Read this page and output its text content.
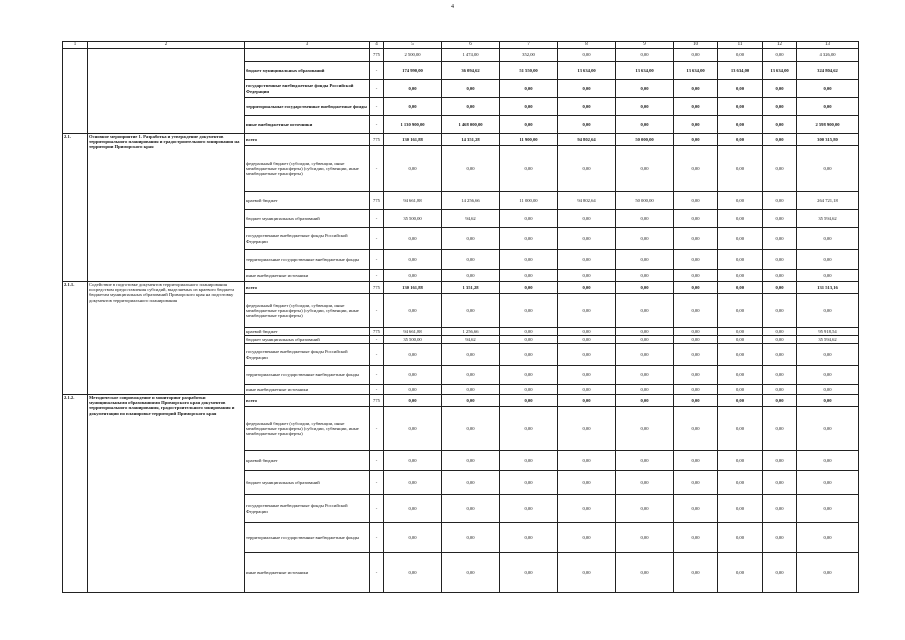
4
1	2	3	4	5	6	7	8	9	10	11	12	13
			775	2 500,00	1 474,00	352,00	0,00	0,00	0,00	0,00	0,00	4 326,00
		бюджет муниципальных образований	-	174 990,00	36 094,62	51 550,00	13 634,00	13 634,00	13 634,00	13 634,00	13 634,00	324 804,62
		государственные внебюджетные фонды Российской Федерации	-	0,00	0,00	0,00	0,00	0,00	0,00	0,00	0,00	0,00
		территориальные государственные внебюджетные фонды	-	0,00	0,00	0,00	0,00	0,00	0,00	0,00	0,00	0,00
		иные внебюджетные источники	-	1 130 900,00	1 468 000,00	0,00	0,00	0,00	0,00	0,00	0,00	2 598 900,00
2.1.	Основное мероприятие 1. Разработка и утверждение документов территориального планирования и градостроительного зонирования на территории Приморского края	всего	775	130 161,88	14 351,28	11 900,00	94 802,64	50 000,00	0,00	0,00	0,00	300 315,80
		федеральный бюджет (субсидии, субвенции, иные межбюджетные трансферты) (субсидии, субвенции, иные межбюджетные трансферты)	-	0,00	0,00	0,00	0,00	0,00	0,00	0,00	0,00	0,00
		краевой бюджет	775	94 661,88	14 256,66	11 000,00	94 802,64	50 000,00	0,00	0,00	0,00	264 721,18
		бюджет муниципальных образований	-	35 500,00	94,62	0,00	0,00	0,00	0,00	0,00	0,00	35 594,62
		государственные внебюджетные фонды Российской Федерации	-	0,00	0,00	0,00	0,00	0,00	0,00	0,00	0,00	0,00
		территориальные государственные внебюджетные фонды	-	0,00	0,00	0,00	0,00	0,00	0,00	0,00	0,00	0,00
		иные внебюджетные источники	-	0,00	0,00	0,00	0,00	0,00	0,00	0,00	0,00	0,00
2.1.1.	Содействие в подготовке документов территориального планирования посредством предоставления субсидий, выделяемых из краевого бюджета бюджетам муниципальных образований Приморского края на подготовку документов территориального планирования	всего	775	130 161,88	1 351,28	0,00	0,00	0,00	0,00	0,00	0,00	131 513,16
		федеральный бюджет (субсидии, субвенции, иные межбюджетные трансферты) (субсидии, субвенции, иные межбюджетные трансферты)	-	0,00	0,00	0,00	0,00	0,00	0,00	0,00	0,00	0,00
		краевой бюджет	775	94 661,88	1 256,66	0,00	0,00	0,00	0,00	0,00	0,00	95 918,54
		бюджет муниципальных образований	-	35 500,00	94,62	0,00	0,00	0,00	0,00	0,00	0,00	35 594,62
		государственные внебюджетные фонды Российской Федерации	-	0,00	0,00	0,00	0,00	0,00	0,00	0,00	0,00	0,00
		территориальные государственные внебюджетные фонды	-	0,00	0,00	0,00	0,00	0,00	0,00	0,00	0,00	0,00
		иные внебюджетные источники	-	0,00	0,00	0,00	0,00	0,00	0,00	0,00	0,00	0,00
2.1.2.	Методическое сопровождение и мониторинг разработки муниципальными образованиями Приморского края документов территориального планирования, градостроительного зонирования и документации по планировке территорий Приморского края	всего	775	0,00	0,00	0,00	0,00	0,00	0,00	0,00	0,00	0,00
		федеральный бюджет (субсидии, субвенции, иные межбюджетные трансферты) (субсидии, субвенции, иные межбюджетные трансферты)	-	0,00	0,00	0,00	0,00	0,00	0,00	0,00	0,00	0,00
		краевой бюджет	-	0,00	0,00	0,00	0,00	0,00	0,00	0,00	0,00	0,00
		бюджет муниципальных образований	-	0,00	0,00	0,00	0,00	0,00	0,00	0,00	0,00	0,00
		государственные внебюджетные фонды Российской Федерации	-	0,00	0,00	0,00	0,00	0,00	0,00	0,00	0,00	0,00
		территориальные государственные внебюджетные фонды	-	0,00	0,00	0,00	0,00	0,00	0,00	0,00	0,00	0,00
		иные внебюджетные источники	-	0,00	0,00	0,00	0,00	0,00	0,00	0,00	0,00	0,00
